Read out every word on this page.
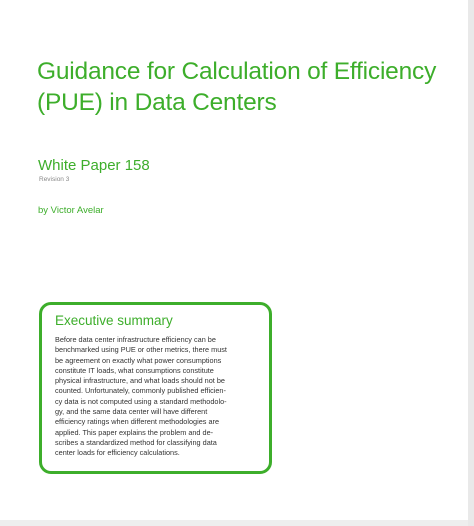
Guidance for Calculation of Efficiency (PUE) in Data Centers
White Paper 158
Revision 3
by Victor Avelar
Executive summary

Before data center infrastructure efficiency can be
benchmarked using PUE or other metrics, there must
be agreement on exactly what power consumptions
constitute IT loads, what consumptions constitute
physical infrastructure, and what loads should not be
counted. Unfortunately, commonly published efficien-
cy data is not computed using a standard methodolo-
gy, and the same data center will have different
efficiency ratings when different methodologies are
applied. This paper explains the problem and de-
scribes a standardized method for classifying data
center loads for efficiency calculations.
